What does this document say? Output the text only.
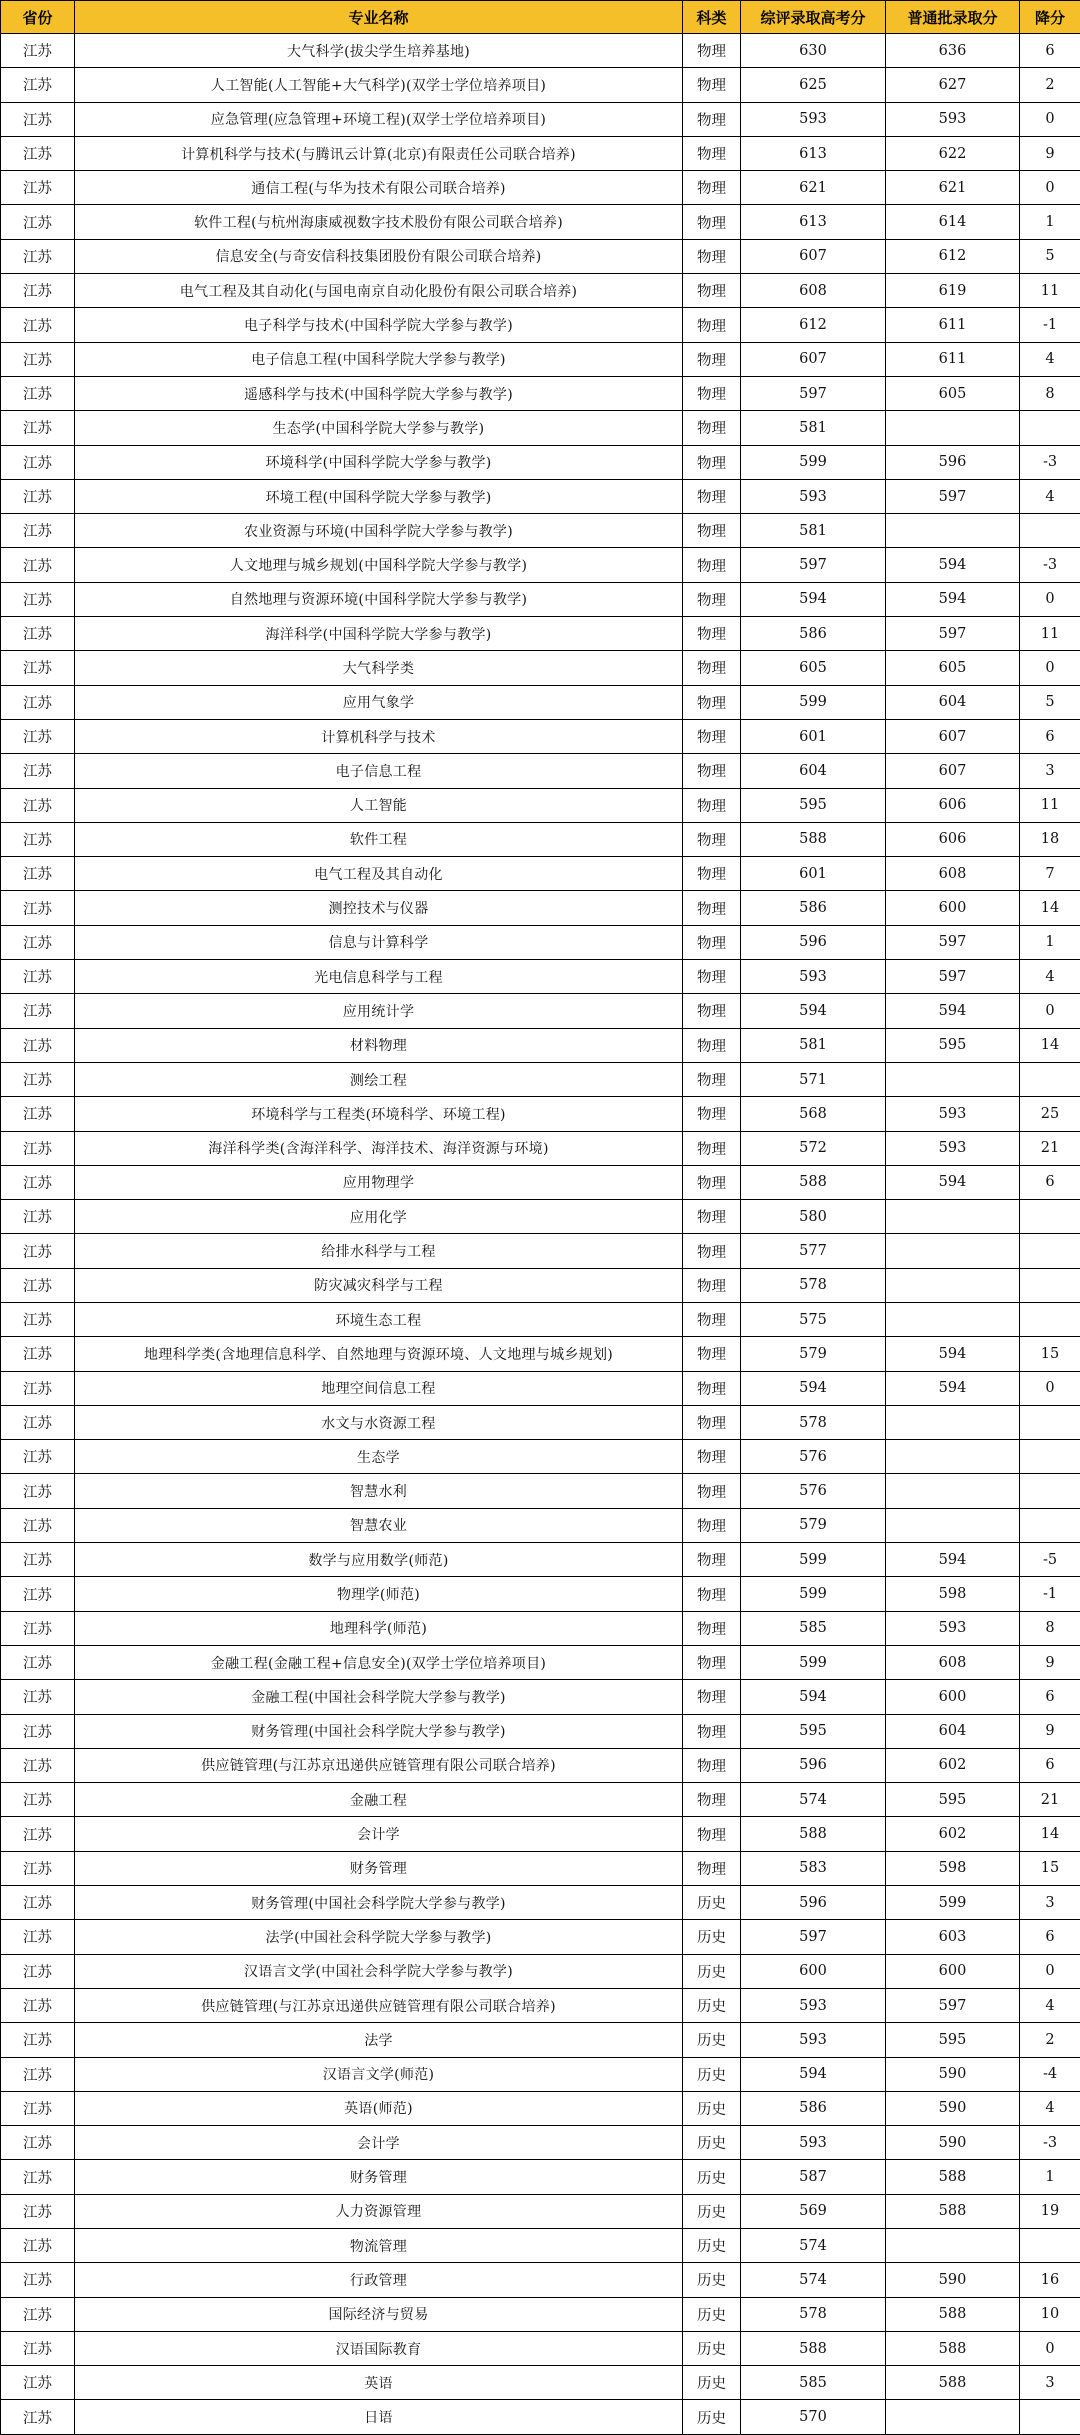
省份	专业名称	科类	综评录取高考分	普通批录取分	降分
江苏	大气科学(拔尖学生培养基地)	物理	630	636	6
江苏	人工智能(人工智能+大气科学)(双学士学位培养项目)	物理	625	627	2
江苏	应急管理(应急管理+环境工程)(双学士学位培养项目)	物理	593	593	0
江苏	计算机科学与技术(与腾讯云计算(北京)有限责任公司联合培养)	物理	613	622	9
江苏	通信工程(与华为技术有限公司联合培养)	物理	621	621	0
江苏	软件工程(与杭州海康威视数字技术股份有限公司联合培养)	物理	613	614	1
江苏	信息安全(与奇安信科技集团股份有限公司联合培养)	物理	607	612	5
江苏	电气工程及其自动化(与国电南京自动化股份有限公司联合培养)	物理	608	619	11
江苏	电子科学与技术(中国科学院大学参与教学)	物理	612	611	-1
江苏	电子信息工程(中国科学院大学参与教学)	物理	607	611	4
江苏	遥感科学与技术(中国科学院大学参与教学)	物理	597	605	8
江苏	生态学(中国科学院大学参与教学)	物理	581		
江苏	环境科学(中国科学院大学参与教学)	物理	599	596	-3
江苏	环境工程(中国科学院大学参与教学)	物理	593	597	4
江苏	农业资源与环境(中国科学院大学参与教学)	物理	581		
江苏	人文地理与城乡规划(中国科学院大学参与教学)	物理	597	594	-3
江苏	自然地理与资源环境(中国科学院大学参与教学)	物理	594	594	0
江苏	海洋科学(中国科学院大学参与教学)	物理	586	597	11
江苏	大气科学类	物理	605	605	0
江苏	应用气象学	物理	599	604	5
江苏	计算机科学与技术	物理	601	607	6
江苏	电子信息工程	物理	604	607	3
江苏	人工智能	物理	595	606	11
江苏	软件工程	物理	588	606	18
江苏	电气工程及其自动化	物理	601	608	7
江苏	测控技术与仪器	物理	586	600	14
江苏	信息与计算科学	物理	596	597	1
江苏	光电信息科学与工程	物理	593	597	4
江苏	应用统计学	物理	594	594	0
江苏	材料物理	物理	581	595	14
江苏	测绘工程	物理	571		
江苏	环境科学与工程类(环境科学、环境工程)	物理	568	593	25
江苏	海洋科学类(含海洋科学、海洋技术、海洋资源与环境)	物理	572	593	21
江苏	应用物理学	物理	588	594	6
江苏	应用化学	物理	580		
江苏	给排水科学与工程	物理	577		
江苏	防灾减灾科学与工程	物理	578		
江苏	环境生态工程	物理	575		
江苏	地理科学类(含地理信息科学、自然地理与资源环境、人文地理与城乡规划)	物理	579	594	15
江苏	地理空间信息工程	物理	594	594	0
江苏	水文与水资源工程	物理	578		
江苏	生态学	物理	576		
江苏	智慧水利	物理	576		
江苏	智慧农业	物理	579		
江苏	数学与应用数学(师范)	物理	599	594	-5
江苏	物理学(师范)	物理	599	598	-1
江苏	地理科学(师范)	物理	585	593	8
江苏	金融工程(金融工程+信息安全)(双学士学位培养项目)	物理	599	608	9
江苏	金融工程(中国社会科学院大学参与教学)	物理	594	600	6
江苏	财务管理(中国社会科学院大学参与教学)	物理	595	604	9
江苏	供应链管理(与江苏京迅递供应链管理有限公司联合培养)	物理	596	602	6
江苏	金融工程	物理	574	595	21
江苏	会计学	物理	588	602	14
江苏	财务管理	物理	583	598	15
江苏	财务管理(中国社会科学院大学参与教学)	历史	596	599	3
江苏	法学(中国社会科学院大学参与教学)	历史	597	603	6
江苏	汉语言文学(中国社会科学院大学参与教学)	历史	600	600	0
江苏	供应链管理(与江苏京迅递供应链管理有限公司联合培养)	历史	593	597	4
江苏	法学	历史	593	595	2
江苏	汉语言文学(师范)	历史	594	590	-4
江苏	英语(师范)	历史	586	590	4
江苏	会计学	历史	593	590	-3
江苏	财务管理	历史	587	588	1
江苏	人力资源管理	历史	569	588	19
江苏	物流管理	历史	574		
江苏	行政管理	历史	574	590	16
江苏	国际经济与贸易	历史	578	588	10
江苏	汉语国际教育	历史	588	588	0
江苏	英语	历史	585	588	3
江苏	日语	历史	570		
